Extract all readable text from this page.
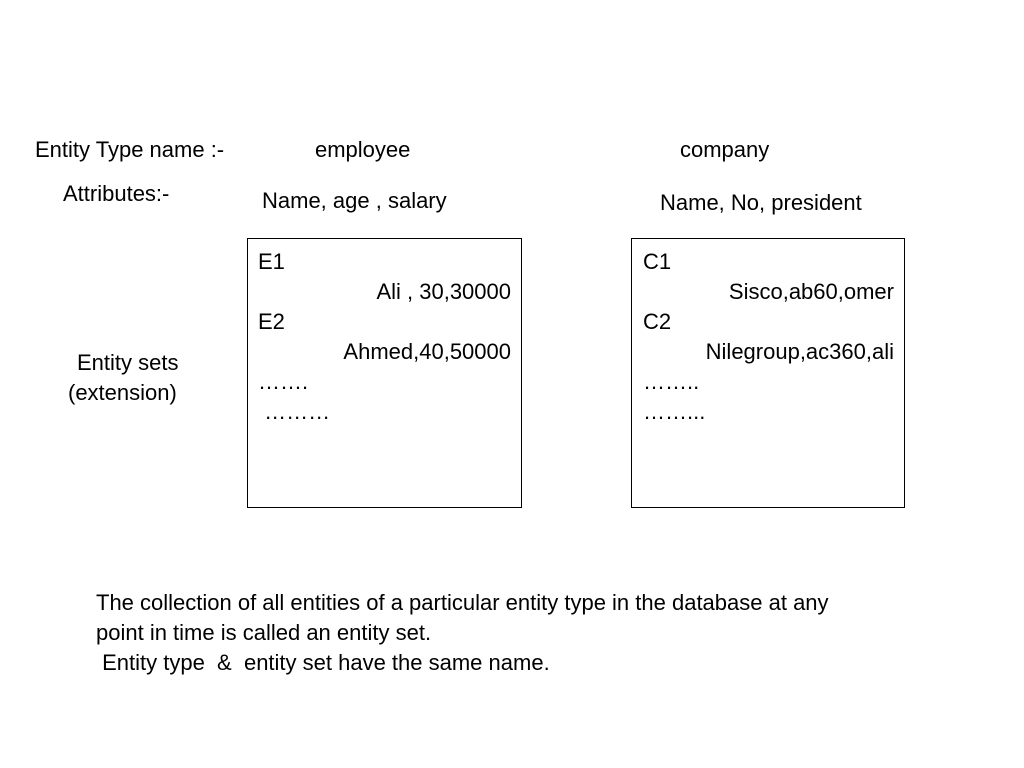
Entity Type name :-	employee	company
Attributes:-	Name, age , salary	Name, No, president
Entity sets
(extension)
E1
Ali , 30,30000
E2
Ahmed,40,50000
…….
………
C1
Sisco,ab60,omer
C2
Nilegroup,ac360,ali
……..
……...
The collection of all entities of a particular entity type in the database at any
point in time is called an entity set.
Entity type  &  entity set have the same name.
